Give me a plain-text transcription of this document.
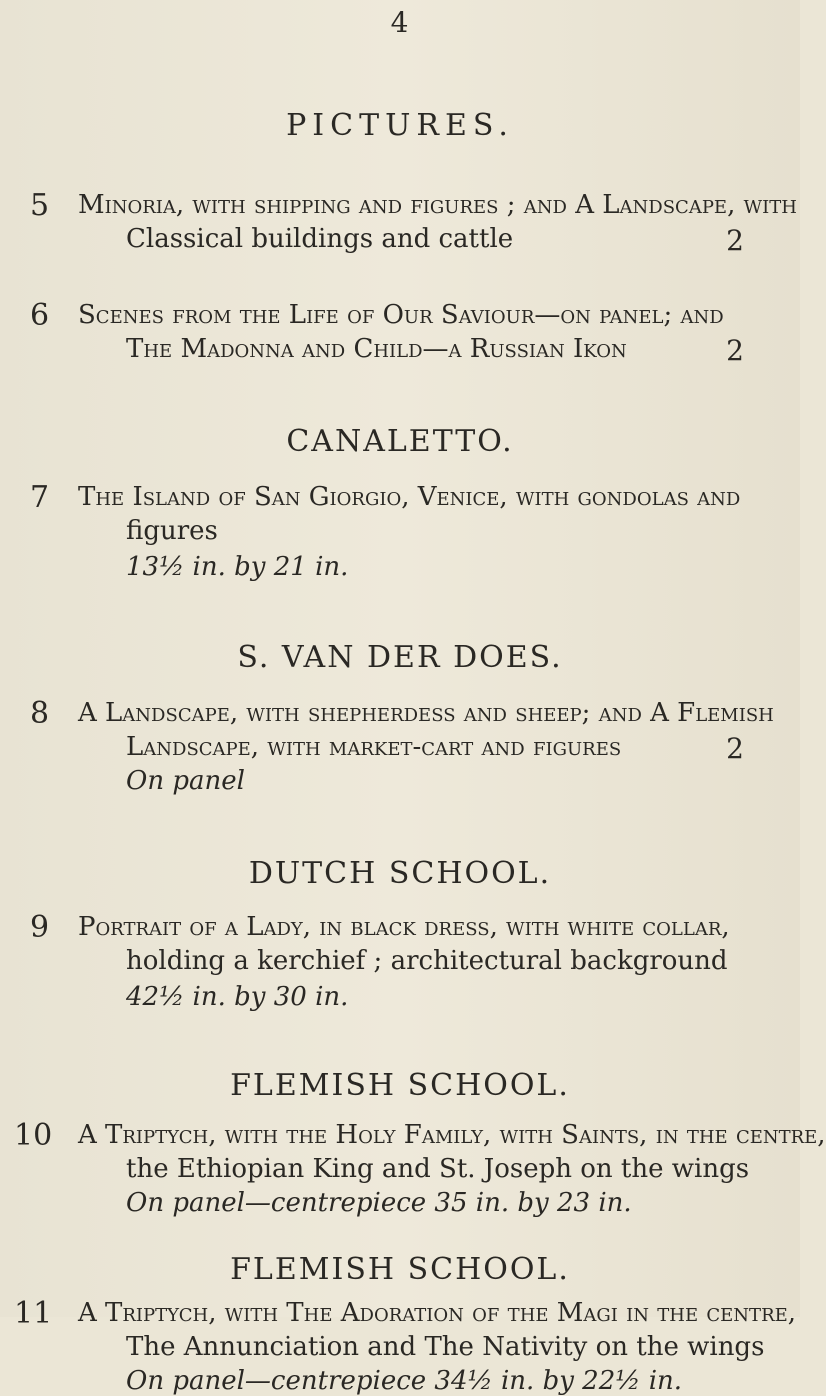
4
PICTURES.
5 Minoria, with shipping and figures ; and A Landscape, with
Classical buildings and cattle	2
6 Scenes from the Life of Our Saviour—on panel; and
The Madonna and Child—a Russian Ikon	2
CANALETTO.
7 The Island of San Giorgio, Venice, with gondolas and
figures
13½ in. by 21 in.
S. VAN DER DOES.
8 A Landscape, with shepherdess and sheep; and A Flemish
Landscape, with market-cart and figures
On panel
2
DUTCH SCHOOL.
9 Portrait of a Lady, in black dress, with white collar,
holding a kerchief ; architectural background
42½ in. by 30 in.
FLEMISH SCHOOL.
10 A Triptych, with the Holy Family, with Saints, in the centre,
the Ethiopian King and St. Joseph on the wings
On panel—centrepiece 35 in. by 23 in.
FLEMISH SCHOOL.
11 A Triptych, with The Adoration of the Magi in the centre,
The Annunciation and The Nativity on the wings
On panel—centrepiece 34½ in. by 22½ in.
